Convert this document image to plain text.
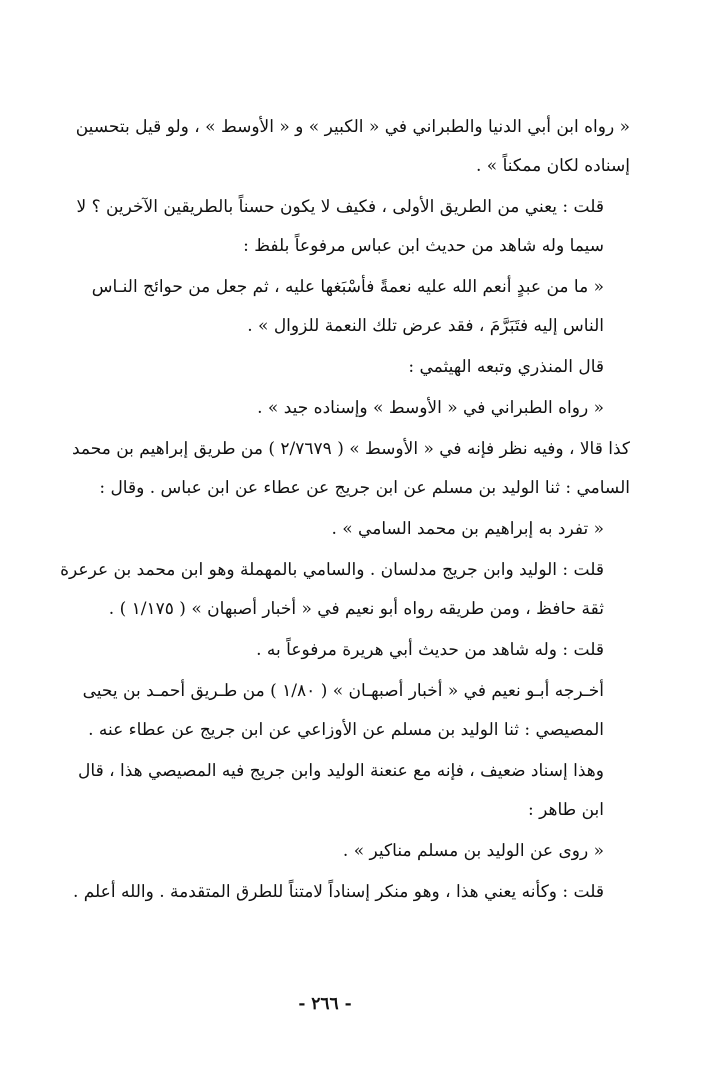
« رواه ابن أبي الدنيا والطبراني في « الكبير » و « الأوسط » ، ولو قيل بتحسين
إسناده لكان ممكناً » .
قلت : يعني من الطريق الأولى ، فكيف لا يكون حسناً بالطريقين الآخرين ؟ لا
سيما وله شاهد من حديث ابن عباس مرفوعاً بلفظ :
« ما من عبدٍ أنعم الله عليه نعمةً فأسْبَغها عليه ، ثم جعل من حوائج النـاس
الناس إليه فتَبَرَّمَ ، فقد عرض تلك النعمة للزوال » .
قال المنذري وتبعه الهيثمي :
« رواه الطبراني في « الأوسط » وإسناده جيد » .
كذا قالا ، وفيه نظر فإنه في « الأوسط » ( ٢/٧٦٧٩ ) من طريق إبراهيم بن محمد
السامي : ثنا الوليد بن مسلم عن ابن جريج عن عطاء عن ابن عباس . وقال :
« تفرد به إبراهيم بن محمد السامي » .
قلت : الوليد وابن جريج مدلسان . والسامي بالمهملة وهو ابن محمد بن عرعرة
ثقة حافظ ، ومن طريقه رواه أبو نعيم في « أخبار أصبهان » ( ١/١٧٥ ) .
قلت : وله شاهد من حديث أبي هريرة مرفوعاً به .
أخـرجه أبـو نعيم في « أخبار أصبهـان » ( ١/٨٠ ) من طـريق أحمـد بن يحيى
المصيصي : ثنا الوليد بن مسلم عن الأوزاعي عن ابن جريج عن عطاء عنه .
وهذا إسناد ضعيف ، فإنه مع عنعنة الوليد وابن جريج فيه المصيصي هذا ، قال
ابن طاهر :
« روى عن الوليد بن مسلم مناكير » .
قلت : وكأنه يعني هذا ، وهو منكر إسناداً لامتناً للطرق المتقدمة . والله أعلم .
- ٢٦٦ -
